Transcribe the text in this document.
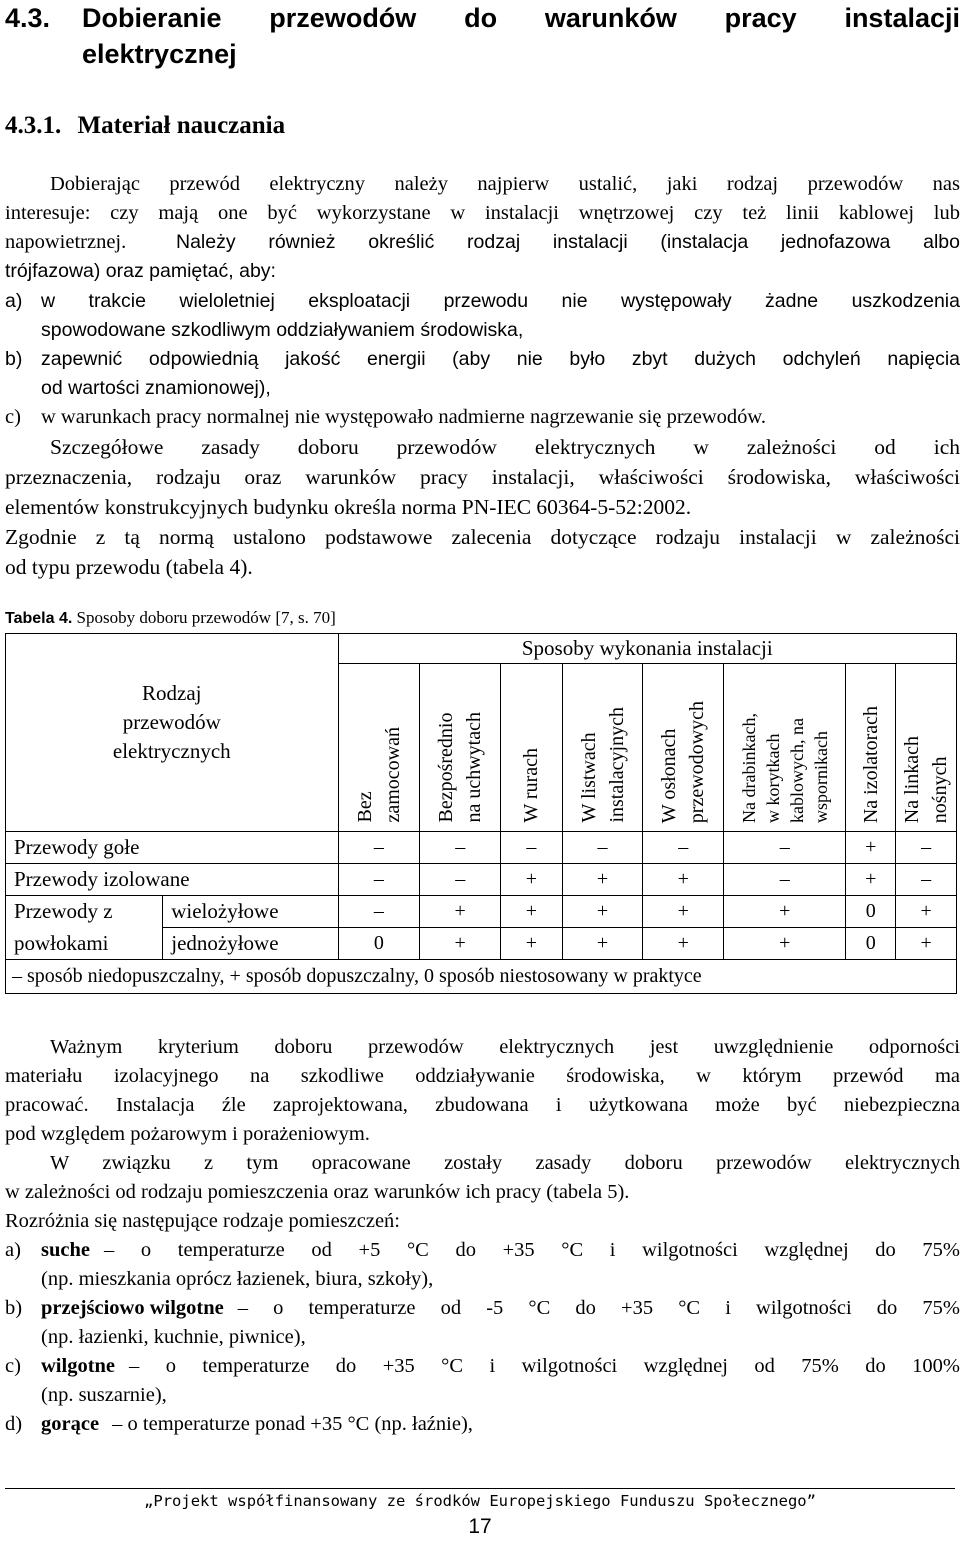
4.3. Dobieranie przewodów do warunków pracy instalacji
elektrycznej
4.3.1. Materiał nauczania
Dobierając przewód elektryczny należy najpierw ustalić, jaki rodzaj przewodów nas
interesuje: czy mają one być wykorzystane w instalacji wnętrzowej czy też linii kablowej lub
napowietrznej.	Należy również określić rodzaj instalacji (instalacja jednofazowa albo
trójfazowa) oraz pamiętać, aby:
a) w trakcie wieloletniej eksploatacji przewodu nie występowały żadne uszkodzenia
spowodowane szkodliwym oddziaływaniem środowiska,
b) zapewnić odpowiednią jakość energii (aby nie było zbyt dużych odchyleń napięcia
od wartości znamionowej),
c) w warunkach pracy normalnej nie występowało nadmierne nagrzewanie się przewodów.
Szczegółowe zasady doboru przewodów elektrycznych w zależności od ich
przeznaczenia, rodzaju oraz warunków pracy instalacji, właściwości środowiska, właściwości
elementów konstrukcyjnych budynku określa norma PN-IEC 60364-5-52:2002.
Zgodnie z tą normą ustalono podstawowe zalecenia dotyczące rodzaju instalacji w zależności
od typu przewodu (tabela 4).
Tabela 4. Sposoby doboru przewodów [7, s. 70]
Rodzaj
przewodów
elektrycznych		Sposoby wykonania instalacji							

		Bez zamocowań	Bezpośrednio na uchwytach	W rurach	W listwach instalacyjnych	W osłonach przewodowych	Na drabinkach, w korytkach kablowych, na wspornikach	Na izolatorach	Na linkach nośnych

Przewody gołe		–	–	–	–	–	–	+	–
Przewody izolowane		–	–	+	+	+	–	+	–
Przewody z	wielożyłowe	–	+	+	+	+	+	0	+
powłokami	jednożyłowe	0	+	+	+	+	+	0	+
– sposób niedopuszczalny, + sposób dopuszczalny, 0 sposób niestosowany w praktyce									
Ważnym kryterium doboru przewodów elektrycznych jest uwzględnienie odporności
materiału izolacyjnego na szkodliwe oddziaływanie środowiska, w którym przewód ma
pracować. Instalacja źle zaprojektowana, zbudowana i użytkowana może być niebezpieczna
pod względem pożarowym i porażeniowym.
W związku z tym opracowane zostały zasady doboru przewodów elektrycznych
w zależności od rodzaju pomieszczenia oraz warunków ich pracy (tabela 5).
Rozróżnia się następujące rodzaje pomieszczeń:
a) suche – o temperaturze od +5 °C do +35 °C i wilgotności względnej do 75%
(np. mieszkania oprócz łazienek, biura, szkoły),
b) przejściowo wilgotne – o temperaturze od -5 °C do +35 °C i wilgotności do 75%
(np. łazienki, kuchnie, piwnice),
c) wilgotne – o temperaturze do +35 °C i wilgotności względnej od 75% do 100%
(np. suszarnie),
d) gorące – o temperaturze ponad +35 °C (np. łaźnie),
„Projekt współfinansowany ze środków Europejskiego Funduszu Społecznego”
17
